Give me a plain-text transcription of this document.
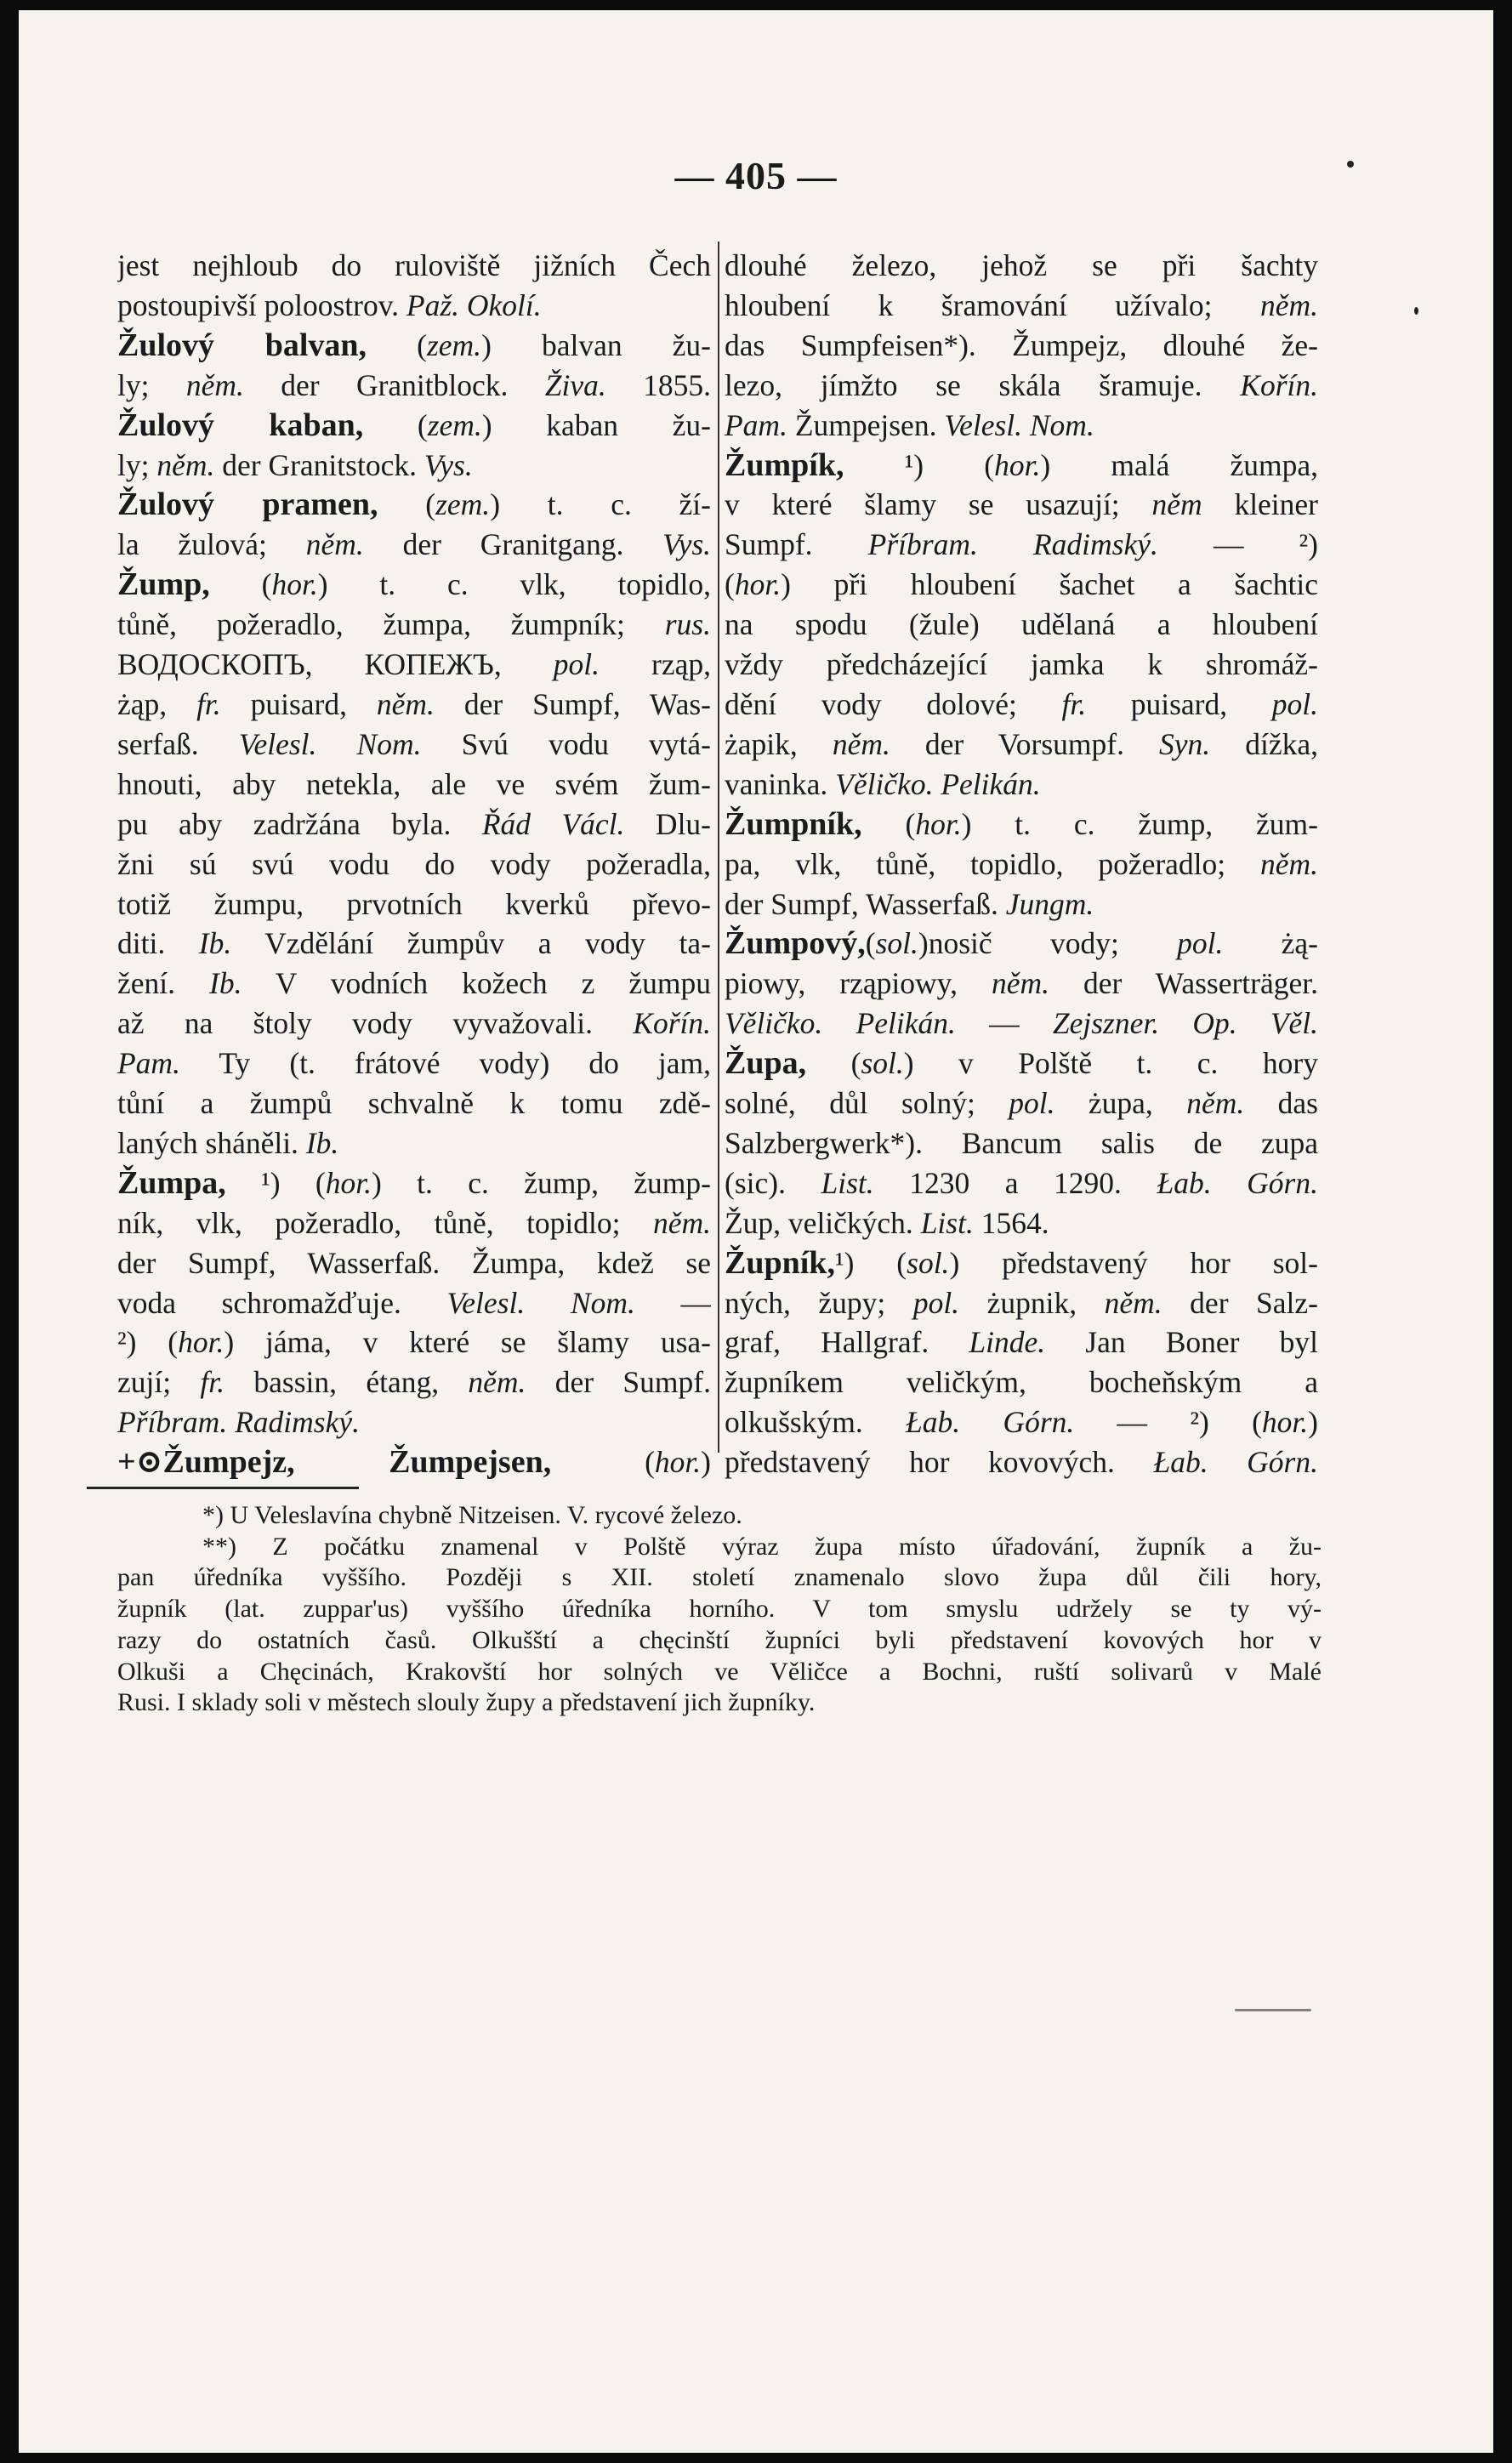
— 405 —
jest nejhloub do ruloviště jižních Čech
postoupivší poloostrov. Paž. Okolí.
Žulový balvan, (zem.) balvan žu-
ly; něm. der Granitblock. Živa. 1855.
Žulový kaban, (zem.) kaban žu-
ly; něm. der Granitstock. Vys.
Žulový pramen, (zem.) t. c. ží-
la žulová; něm. der Granitgang. Vys.
Žump, (hor.) t. c. vlk, topidlo,
tůně, požeradlo, žumpa, žumpník; rus.
ВОДОСКОПЪ, КОПЕЖЪ, pol. rząp,
żąp, fr. puisard, něm. der Sumpf, Was-
serfaß. Velesl. Nom. Svú vodu vytá-
hnouti, aby netekla, ale ve svém žum-
pu aby zadržána byla. Řád Václ. Dlu-
žni sú svú vodu do vody požeradla,
totiž žumpu, prvotních kverků převo-
diti. Ib. Vzdělání žumpův a vody ta-
žení. Ib. V vodních kožech z žumpu
až na štoly vody vyvažovali. Kořín.
Pam. Ty (t. frátové vody) do jam,
tůní a žumpů schvalně k tomu zdě-
laných sháněli. Ib.
Žumpa, ¹) (hor.) t. c. žump, žump-
ník, vlk, požeradlo, tůně, topidlo; něm.
der Sumpf, Wasserfaß. Žumpa, kdež se
voda schromažďuje. Velesl. Nom. —
²) (hor.) jáma, v které se šlamy usa-
zují; fr. bassin, étang, něm. der Sumpf.
Příbram. Radimský.
+⊙Žumpejz, Žumpejsen, (hor.)
dlouhé železo, jehož se při šachty
hloubení k šramování užívalo; něm.
das Sumpfeisen*). Žumpejz, dlouhé že-
lezo, jímžto se skála šramuje. Kořín.
Pam. Žumpejsen. Velesl. Nom.
Žumpík, ¹) (hor.) malá žumpa,
v které šlamy se usazují; něm kleiner
Sumpf. Příbram. Radimský. — ²)
(hor.) při hloubení šachet a šachtic
na spodu (žule) udělaná a hloubení
vždy předcházející jamka k shromáž-
dění vody dolové; fr. puisard, pol.
żapik, něm. der Vorsumpf. Syn. dížka,
vaninka. Věličko. Pelikán.
Žumpník, (hor.) t. c. žump, žum-
pa, vlk, tůně, topidlo, požeradlo; něm.
der Sumpf, Wasserfaß. Jungm.
Žumpový,(sol.)nosič vody; pol. żą-
piowy, rząpiowy, něm. der Wasserträger.
Věličko. Pelikán. — Zejszner. Op. Věl.
Župa, (sol.) v Polště t. c. hory
solné, důl solný; pol. żupa, něm. das
Salzbergwerk*). Bancum salis de zupa
(sic). List. 1230 a 1290. Łab. Górn.
Žup, veličkých. List. 1564.
Župník,¹) (sol.) představený hor sol-
ných, župy; pol. żupnik, něm. der Salz-
graf, Hallgraf. Linde. Jan Boner byl
župníkem veličkým, bocheňským a
olkušským. Łab. Górn. — ²) (hor.)
představený hor kovových. Łab. Górn.
*) U Veleslavína chybně Nitzeisen. V. rycové železo.
**) Z počátku znamenal v Polště výraz župa místo úřadování, župník a žu-
pan úředníka vyššího. Později s XII. století znamenalo slovo župa důl čili hory,
župník (lat. zuppar'us) vyššího úředníka horního. V tom smyslu udržely se ty vý-
razy do ostatních časů. Olkušští a chęcinští župníci byli představení kovových hor v
Olkuši a Chęcinách, Krakovští hor solných ve Věličce a Bochni, ruští solivarů v Malé
Rusi. I sklady soli v městech slouly župy a představení jich župníky.
